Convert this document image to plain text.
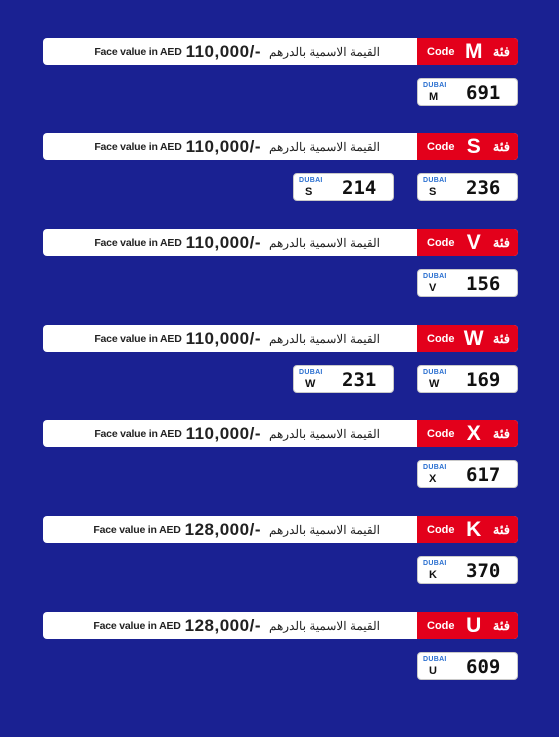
Face value in AED 110,000/- القيمة الاسمية بالدرهم	Code M فئة
DUBAI
M 691
Face value in AED 110,000/- القيمة الاسمية بالدرهم	Code S فئة
DUBAI
S 236
DUBAI
S 214
Face value in AED 110,000/- القيمة الاسمية بالدرهم	Code V فئة
DUBAI
V 156
Face value in AED 110,000/- القيمة الاسمية بالدرهم	Code W فئة
DUBAI
W 169
DUBAI
W 231
Face value in AED 110,000/- القيمة الاسمية بالدرهم	Code X فئة
DUBAI
X 617
Face value in AED 128,000/- القيمة الاسمية بالدرهم	Code K فئة
DUBAI
K 370
Face value in AED 128,000/- القيمة الاسمية بالدرهم	Code U فئة
DUBAI
U 609
